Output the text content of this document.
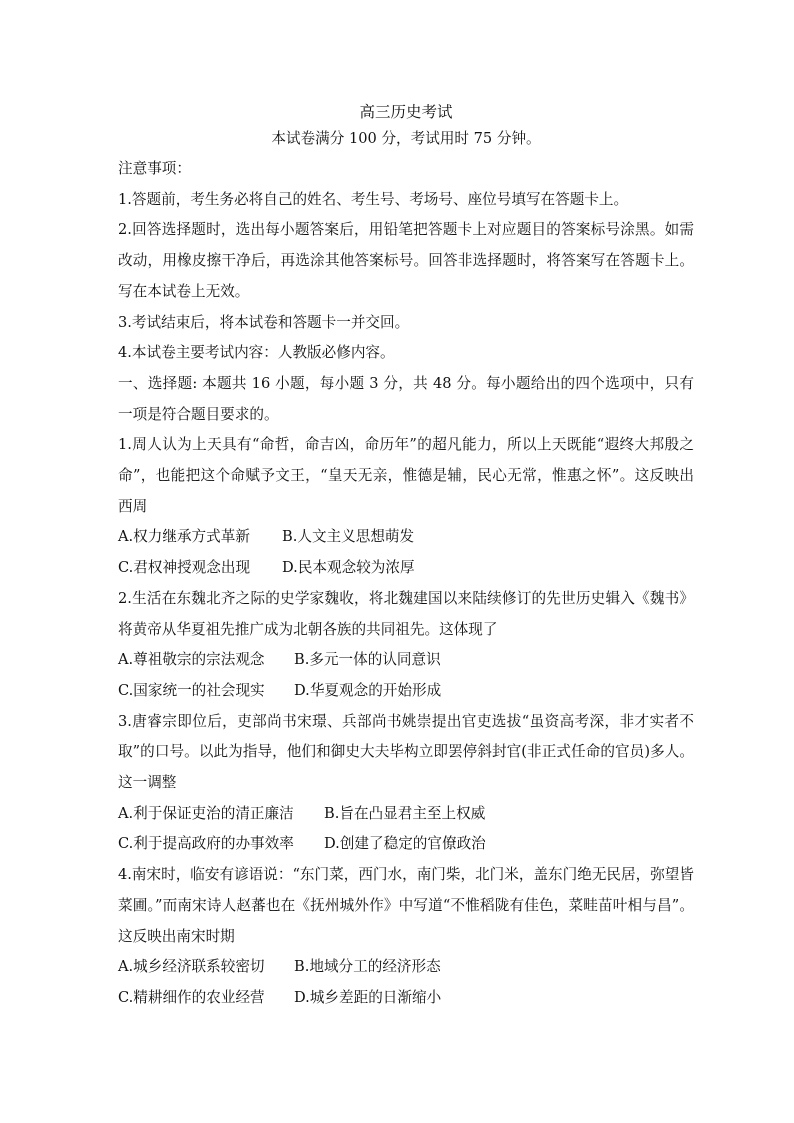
高三历史考试

本试卷满分 100 分，考试用时 75 分钟。

注意事项：

1.答题前，考生务必将自己的姓名、考生号、考场号、座位号填写在答题卡上。

2.回答选择题时，选出每小题答案后，用铅笔把答题卡上对应题目的答案标号涂黑。如需改动，用橡皮擦干净后，再选涂其他答案标号。回答非选择题时，将答案写在答题卡上。写在本试卷上无效。

3.考试结束后，将本试卷和答题卡一并交回。

4.本试卷主要考试内容：人教版必修内容。

一、选择题: 本题共 16 小题，每小题 3 分，共 48 分。每小题给出的四个选项中，只有一项是符合题目要求的。

1.周人认为上天具有“命哲，命吉凶，命历年”的超凡能力，所以上天既能“遐终大邦殷之命”，也能把这个命赋予文王，“皇天无亲，惟德是辅，民心无常，惟惠之怀”。这反映出西周

A.权力继承方式革新 B.人文主义思想萌发

C.君权神授观念出现 D.民本观念较为浓厚

2.生活在东魏北齐之际的史学家魏收，将北魏建国以来陆续修订的先世历史辑入《魏书》将黄帝从华夏祖先推广成为北朝各族的共同祖先。这体现了

A.尊祖敬宗的宗法观念 B.多元一体的认同意识

C.国家统一的社会现实 D.华夏观念的开始形成

3.唐睿宗即位后，吏部尚书宋璟、兵部尚书姚崇提出官吏选拔“虽资高考深，非才实者不取”的口号。以此为指导，他们和御史大夫毕构立即罢停斜封官(非正式任命的官员)多人。这一调整

A.利于保证吏治的清正廉洁 B.旨在凸显君主至上权威

C.利于提高政府的办事效率 D.创建了稳定的官僚政治

4.南宋时，临安有谚语说：“东门菜，西门水，南门柴，北门米，盖东门绝无民居，弥望皆菜圃。”而南宋诗人赵蕃也在《抚州城外作》中写道“不惟稻陇有佳色，菜畦苗叶相与昌”。这反映出南宋时期

A.城乡经济联系较密切 B.地域分工的经济形态

C.精耕细作的农业经营 D.城乡差距的日渐缩小
